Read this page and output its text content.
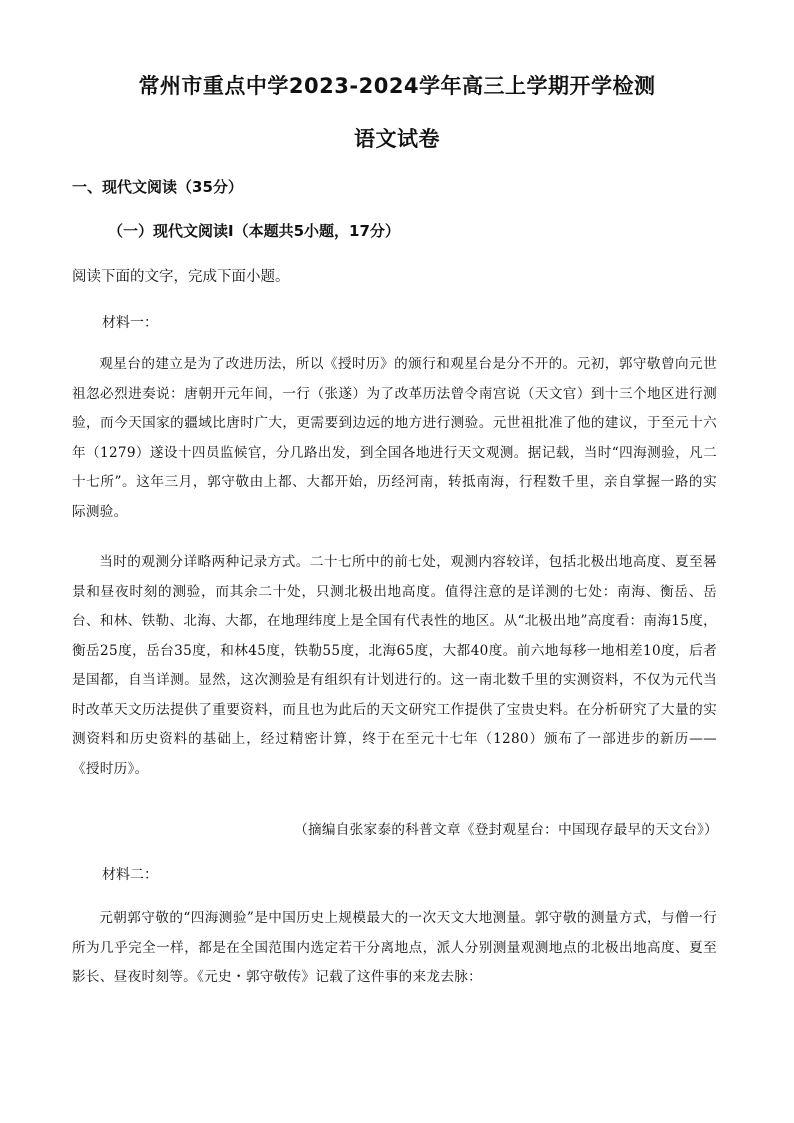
常州市重点中学2023-2024学年高三上学期开学检测
语文试卷
一、现代文阅读（35分）
（一）现代文阅读Ⅰ（本题共5小题，17分）
阅读下面的文字，完成下面小题。
材料一：

观星台的建立是为了改进历法，所以《授时历》的颁行和观星台是分不开的。元初，郭守敬曾向元世祖忽必烈进奏说：唐朝开元年间，一行（张遂）为了改革历法曾令南宫说（天文官）到十三个地区进行测验，而今天国家的疆域比唐时广大，更需要到边远的地方进行测验。元世祖批准了他的建议，于至元十六年（1279）遂设十四员监候官，分几路出发，到全国各地进行天文观测。据记载，当时“四海测验，凡二十七所”。这年三月，郭守敬由上都、大都开始，历经河南，转抵南海，行程数千里，亲自掌握一路的实际测验。

当时的观测分详略两种记录方式。二十七所中的前七处，观测内容较详，包括北极出地高度、夏至晷景和昼夜时刻的测验，而其余二十处，只测北极出地高度。值得注意的是详测的七处：南海、衡岳、岳台、和林、铁勒、北海、大都，在地理纬度上是全国有代表性的地区。从“北极出地”高度看：南海15度，衡岳25度，岳台35度，和林45度，铁勒55度，北海65度，大都40度。前六地每移一地相差10度，后者是国都，自当详测。显然，这次测验是有组织有计划进行的。这一南北数千里的实测资料，不仅为元代当时改革天文历法提供了重要资料，而且也为此后的天文研究工作提供了宝贵史料。在分析研究了大量的实测资料和历史资料的基础上，经过精密计算，终于在至元十七年（1280）颁布了一部进步的新历——《授时历》。

（摘编自张家泰的科普文章《登封观星台：中国现存最早的天文台》）
材料二：

元朝郭守敬的“四海测验”是中国历史上规模最大的一次天文大地测量。郭守敬的测量方式，与僧一行所为几乎完全一样，都是在全国范围内选定若干分离地点，派人分别测量观测地点的北极出地高度、夏至影长、昼夜时刻等。《元史・郭守敬传》记载了这件事的来龙去脉：
